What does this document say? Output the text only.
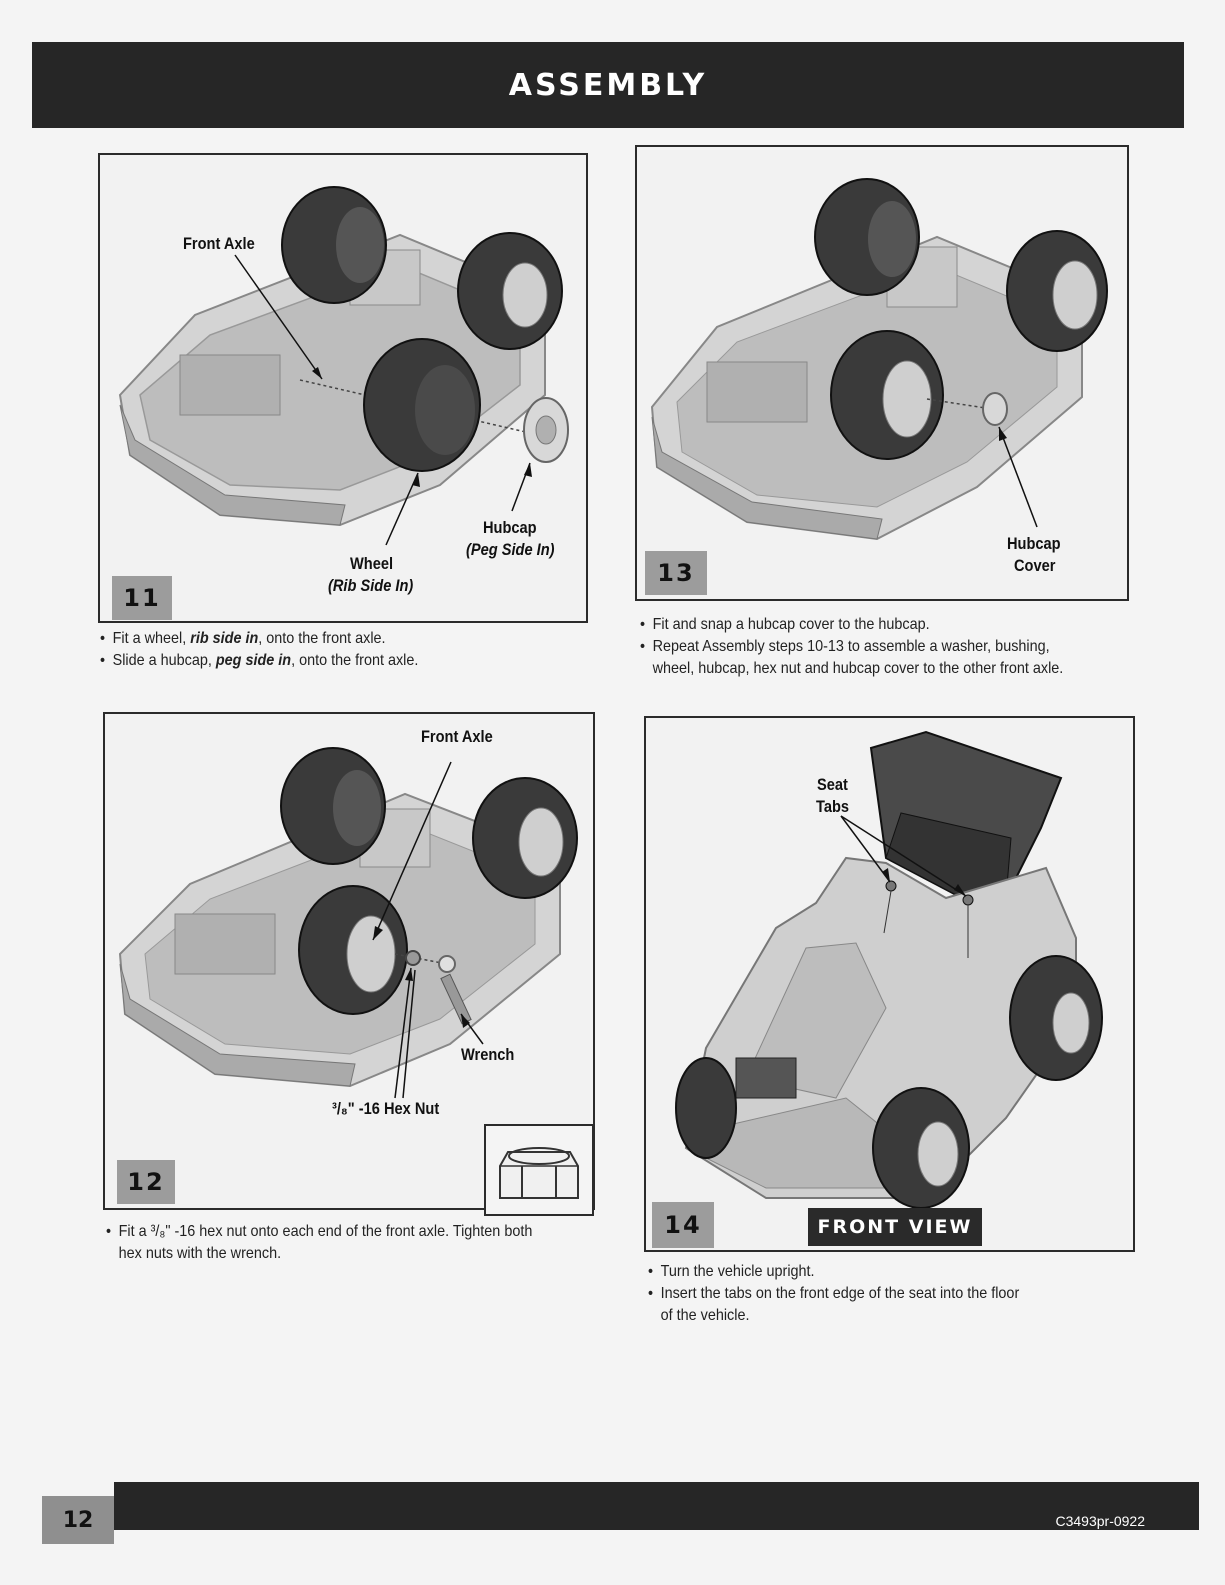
ASSEMBLY
Front Axle
Wheel
(Rib Side In)
Hubcap
(Peg Side In)
11
• Fit a wheel, rib side in, onto the front axle.
• Slide a hubcap, peg side in, onto the front axle.
Hubcap
Cover
13
• Fit and snap a hubcap cover to the hubcap.
• Repeat Assembly steps 10-13 to assemble a washer, bushing,
wheel, hubcap, hex nut and hubcap cover to the other front axle.
Front Axle
Wrench
³/₈" -16 Hex Nut
12
• Fit a ³/₈" -16 hex nut onto each end of the front axle. Tighten both
hex nuts with the wrench.
Seat
Tabs
14	FRONT VIEW
• Turn the vehicle upright.
• Insert the tabs on the front edge of the seat into the floor
of the vehicle.
12	C3493pr-0922
